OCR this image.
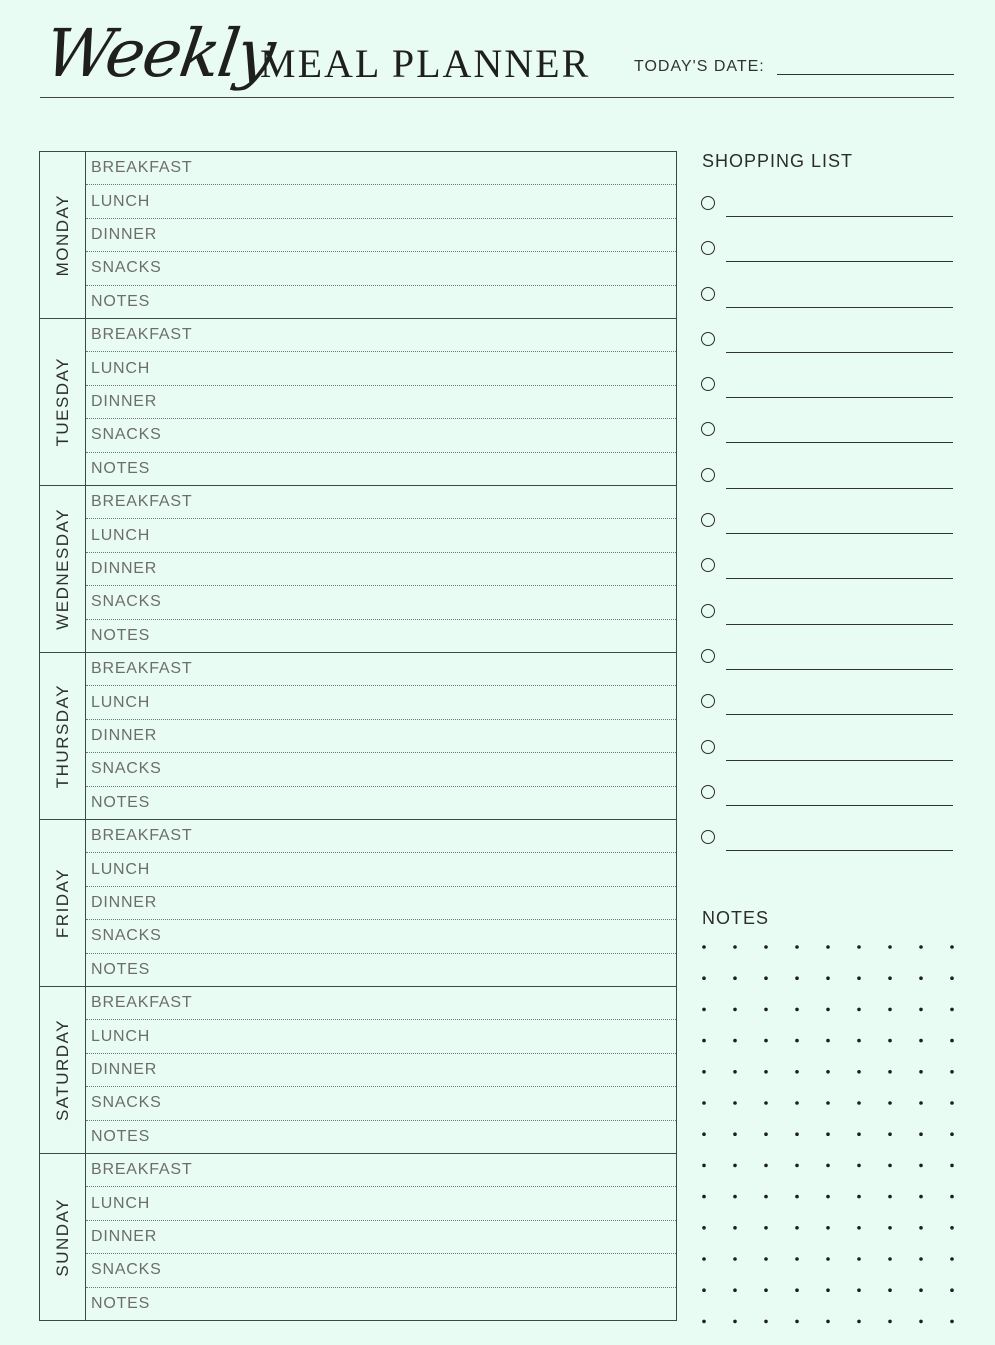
Weekly
MEAL PLANNER	TODAY'S DATE:
MONDAY
BREAKFAST
LUNCH
DINNER
SNACKS
NOTES
TUESDAY
BREAKFAST
LUNCH
DINNER
SNACKS
NOTES
WEDNESDAY
BREAKFAST
LUNCH
DINNER
SNACKS
NOTES
THURSDAY
BREAKFAST
LUNCH
DINNER
SNACKS
NOTES
FRIDAY
BREAKFAST
LUNCH
DINNER
SNACKS
NOTES
SATURDAY
BREAKFAST
LUNCH
DINNER
SNACKS
NOTES
SUNDAY
BREAKFAST
LUNCH
DINNER
SNACKS
NOTES
SHOPPING LIST
NOTES
